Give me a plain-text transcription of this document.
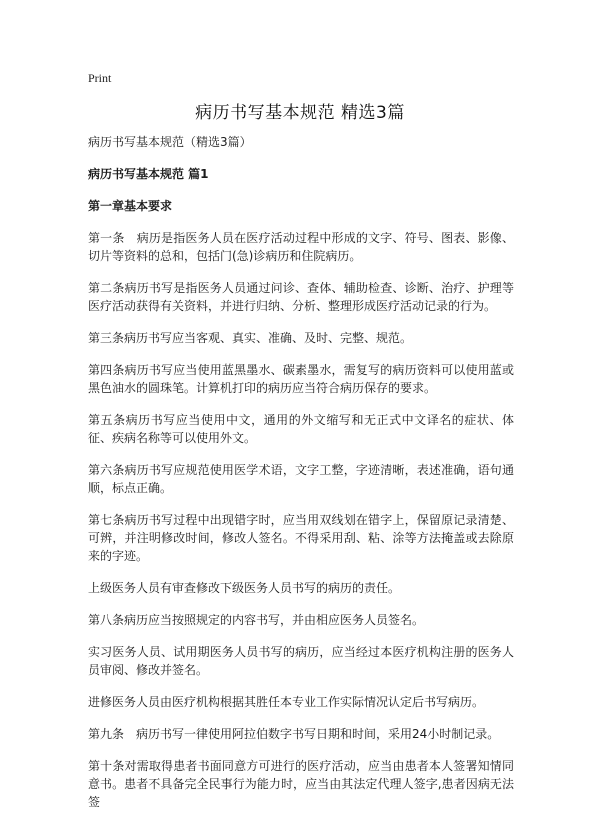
Print
病历书写基本规范 精选3篇

病历书写基本规范（精选3篇）

病历书写基本规范 篇1

第一章基本要求

第一条　病历是指医务人员在医疗活动过程中形成的文字、符号、图表、影像、切片等资料的总和，包括门(急)诊病历和住院病历。

第二条病历书写是指医务人员通过问诊、查体、辅助检查、诊断、治疗、护理等医疗活动获得有关资料，并进行归纳、分析、整理形成医疗活动记录的行为。

第三条病历书写应当客观、真实、准确、及时、完整、规范。

第四条病历书写应当使用蓝黑墨水、碳素墨水，需复写的病历资料可以使用蓝或黑色油水的圆珠笔。计算机打印的病历应当符合病历保存的要求。

第五条病历书写应当使用中文，通用的外文缩写和无正式中文译名的症状、体征、疾病名称等可以使用外文。

第六条病历书写应规范使用医学术语，文字工整，字迹清晰，表述准确，语句通顺，标点正确。

第七条病历书写过程中出现错字时，应当用双线划在错字上，保留原记录清楚、可辨，并注明修改时间，修改人签名。不得采用刮、粘、涂等方法掩盖或去除原来的字迹。

上级医务人员有审查修改下级医务人员书写的病历的责任。

第八条病历应当按照规定的内容书写，并由相应医务人员签名。

实习医务人员、试用期医务人员书写的病历，应当经过本医疗机构注册的医务人员审阅、修改并签名。

进修医务人员由医疗机构根据其胜任本专业工作实际情况认定后书写病历。

第九条　病历书写一律使用阿拉伯数字书写日期和时间，采用24小时制记录。

第十条对需取得患者书面同意方可进行的医疗活动，应当由患者本人签署知情同意书。患者不具备完全民事行为能力时，应当由其法定代理人签字,患者因病无法签
